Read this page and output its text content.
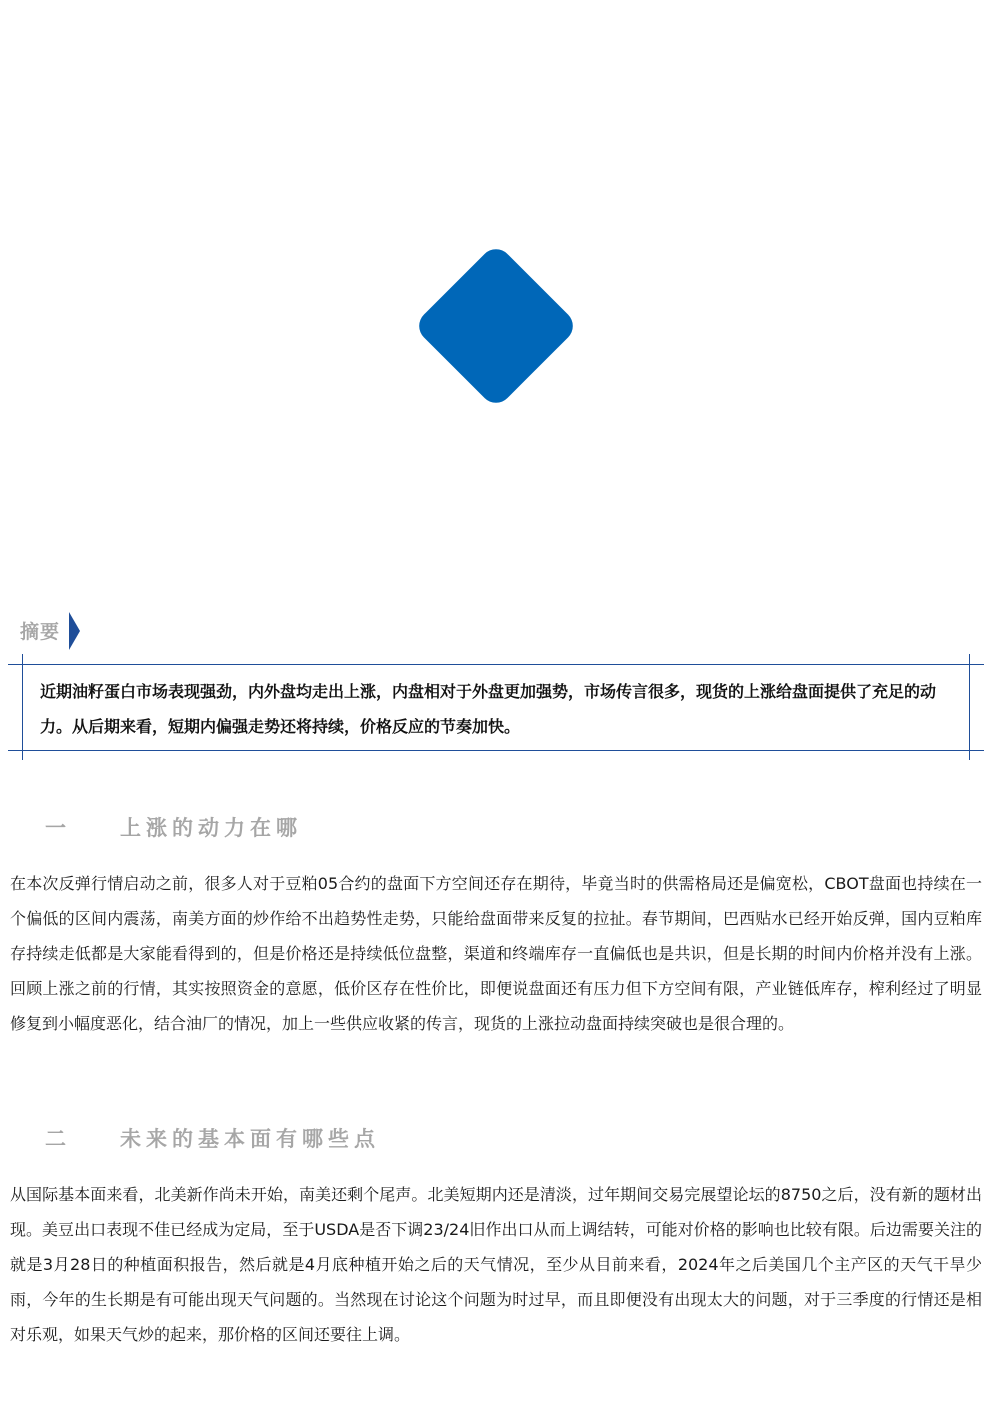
摘要
近期油籽蛋白市场表现强劲，内外盘均走出上涨，内盘相对于外盘更加强势，市场传言很多，现货的上涨给盘面提供了充足的动力。从后期来看，短期内偏强走势还将持续，价格反应的节奏加快。
一 上涨的动力在哪
在本次反弹行情启动之前，很多人对于豆粕05合约的盘面下方空间还存在期待，毕竟当时的供需格局还是偏宽松，CBOT盘面也持续在一个偏低的区间内震荡，南美方面的炒作给不出趋势性走势，只能给盘面带来反复的拉扯。春节期间，巴西贴水已经开始反弹，国内豆粕库存持续走低都是大家能看得到的，但是价格还是持续低位盘整，渠道和终端库存一直偏低也是共识，但是长期的时间内价格并没有上涨。回顾上涨之前的行情，其实按照资金的意愿，低价区存在性价比，即便说盘面还有压力但下方空间有限，产业链低库存，榨利经过了明显修复到小幅度恶化，结合油厂的情况，加上一些供应收紧的传言，现货的上涨拉动盘面持续突破也是很合理的。
二 未来的基本面有哪些点
从国际基本面来看，北美新作尚未开始，南美还剩个尾声。北美短期内还是清淡，过年期间交易完展望论坛的8750之后，没有新的题材出现。美豆出口表现不佳已经成为定局，至于USDA是否下调23/24旧作出口从而上调结转，可能对价格的影响也比较有限。后边需要关注的就是3月28日的种植面积报告，然后就是4月底种植开始之后的天气情况，至少从目前来看，2024年之后美国几个主产区的天气干旱少雨，今年的生长期是有可能出现天气问题的。当然现在讨论这个问题为时过早，而且即便没有出现太大的问题，对于三季度的行情还是相对乐观，如果天气炒的起来，那价格的区间还要往上调。
